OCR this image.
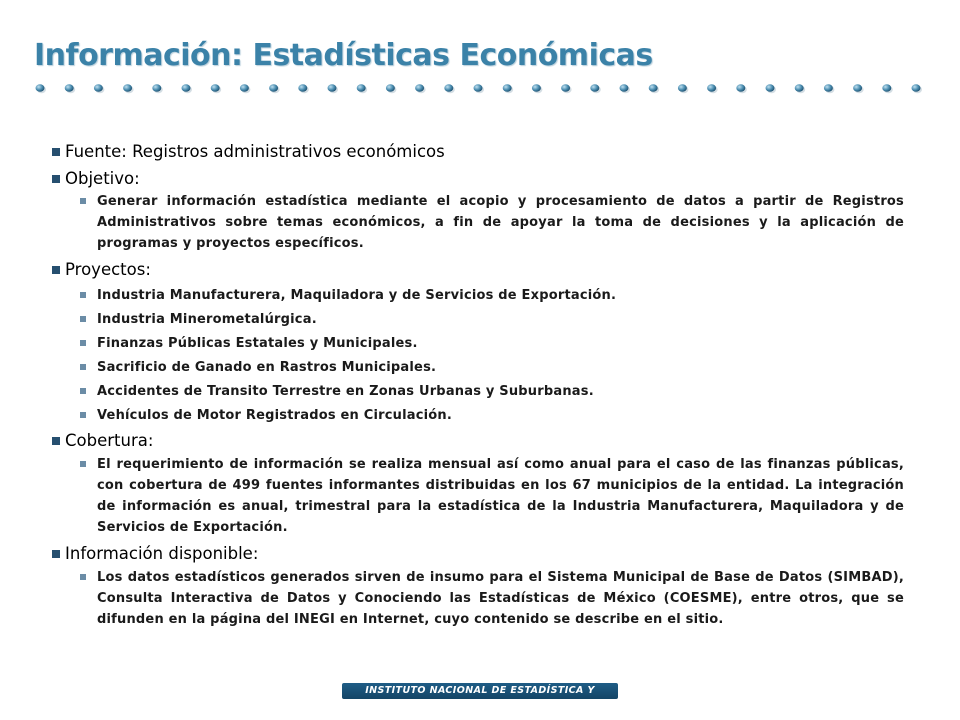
Información: Estadísticas Económicas
Fuente: Registros administrativos económicos
Objetivo:
Generar información estadística mediante el acopio y procesamiento de datos a partir de Registros Administrativos sobre temas económicos, a fin de apoyar la toma de decisiones y la aplicación de programas y proyectos específicos.
Proyectos:
Industria Manufacturera, Maquiladora y de Servicios de Exportación.
Industria Minerometalúrgica.
Finanzas Públicas Estatales y Municipales.
Sacrificio de Ganado en Rastros Municipales.
Accidentes de Transito Terrestre en Zonas Urbanas y Suburbanas.
Vehículos de Motor Registrados en Circulación.
Cobertura:
El requerimiento de información se realiza mensual así como anual para el caso de las finanzas públicas, con cobertura de 499 fuentes informantes distribuidas en los 67 municipios de la entidad. La integración de información es anual, trimestral para la estadística de la Industria Manufacturera, Maquiladora y de Servicios de Exportación.
Información disponible:
Los datos estadísticos generados sirven de insumo para el Sistema Municipal de Base de Datos (SIMBAD), Consulta Interactiva de Datos y Conociendo las Estadísticas de México (COESME), entre otros, que se difunden en la página del INEGI en Internet, cuyo contenido se describe en el sitio.
INSTITUTO NACIONAL DE ESTADÍSTICA Y GEOGRAFÍA
